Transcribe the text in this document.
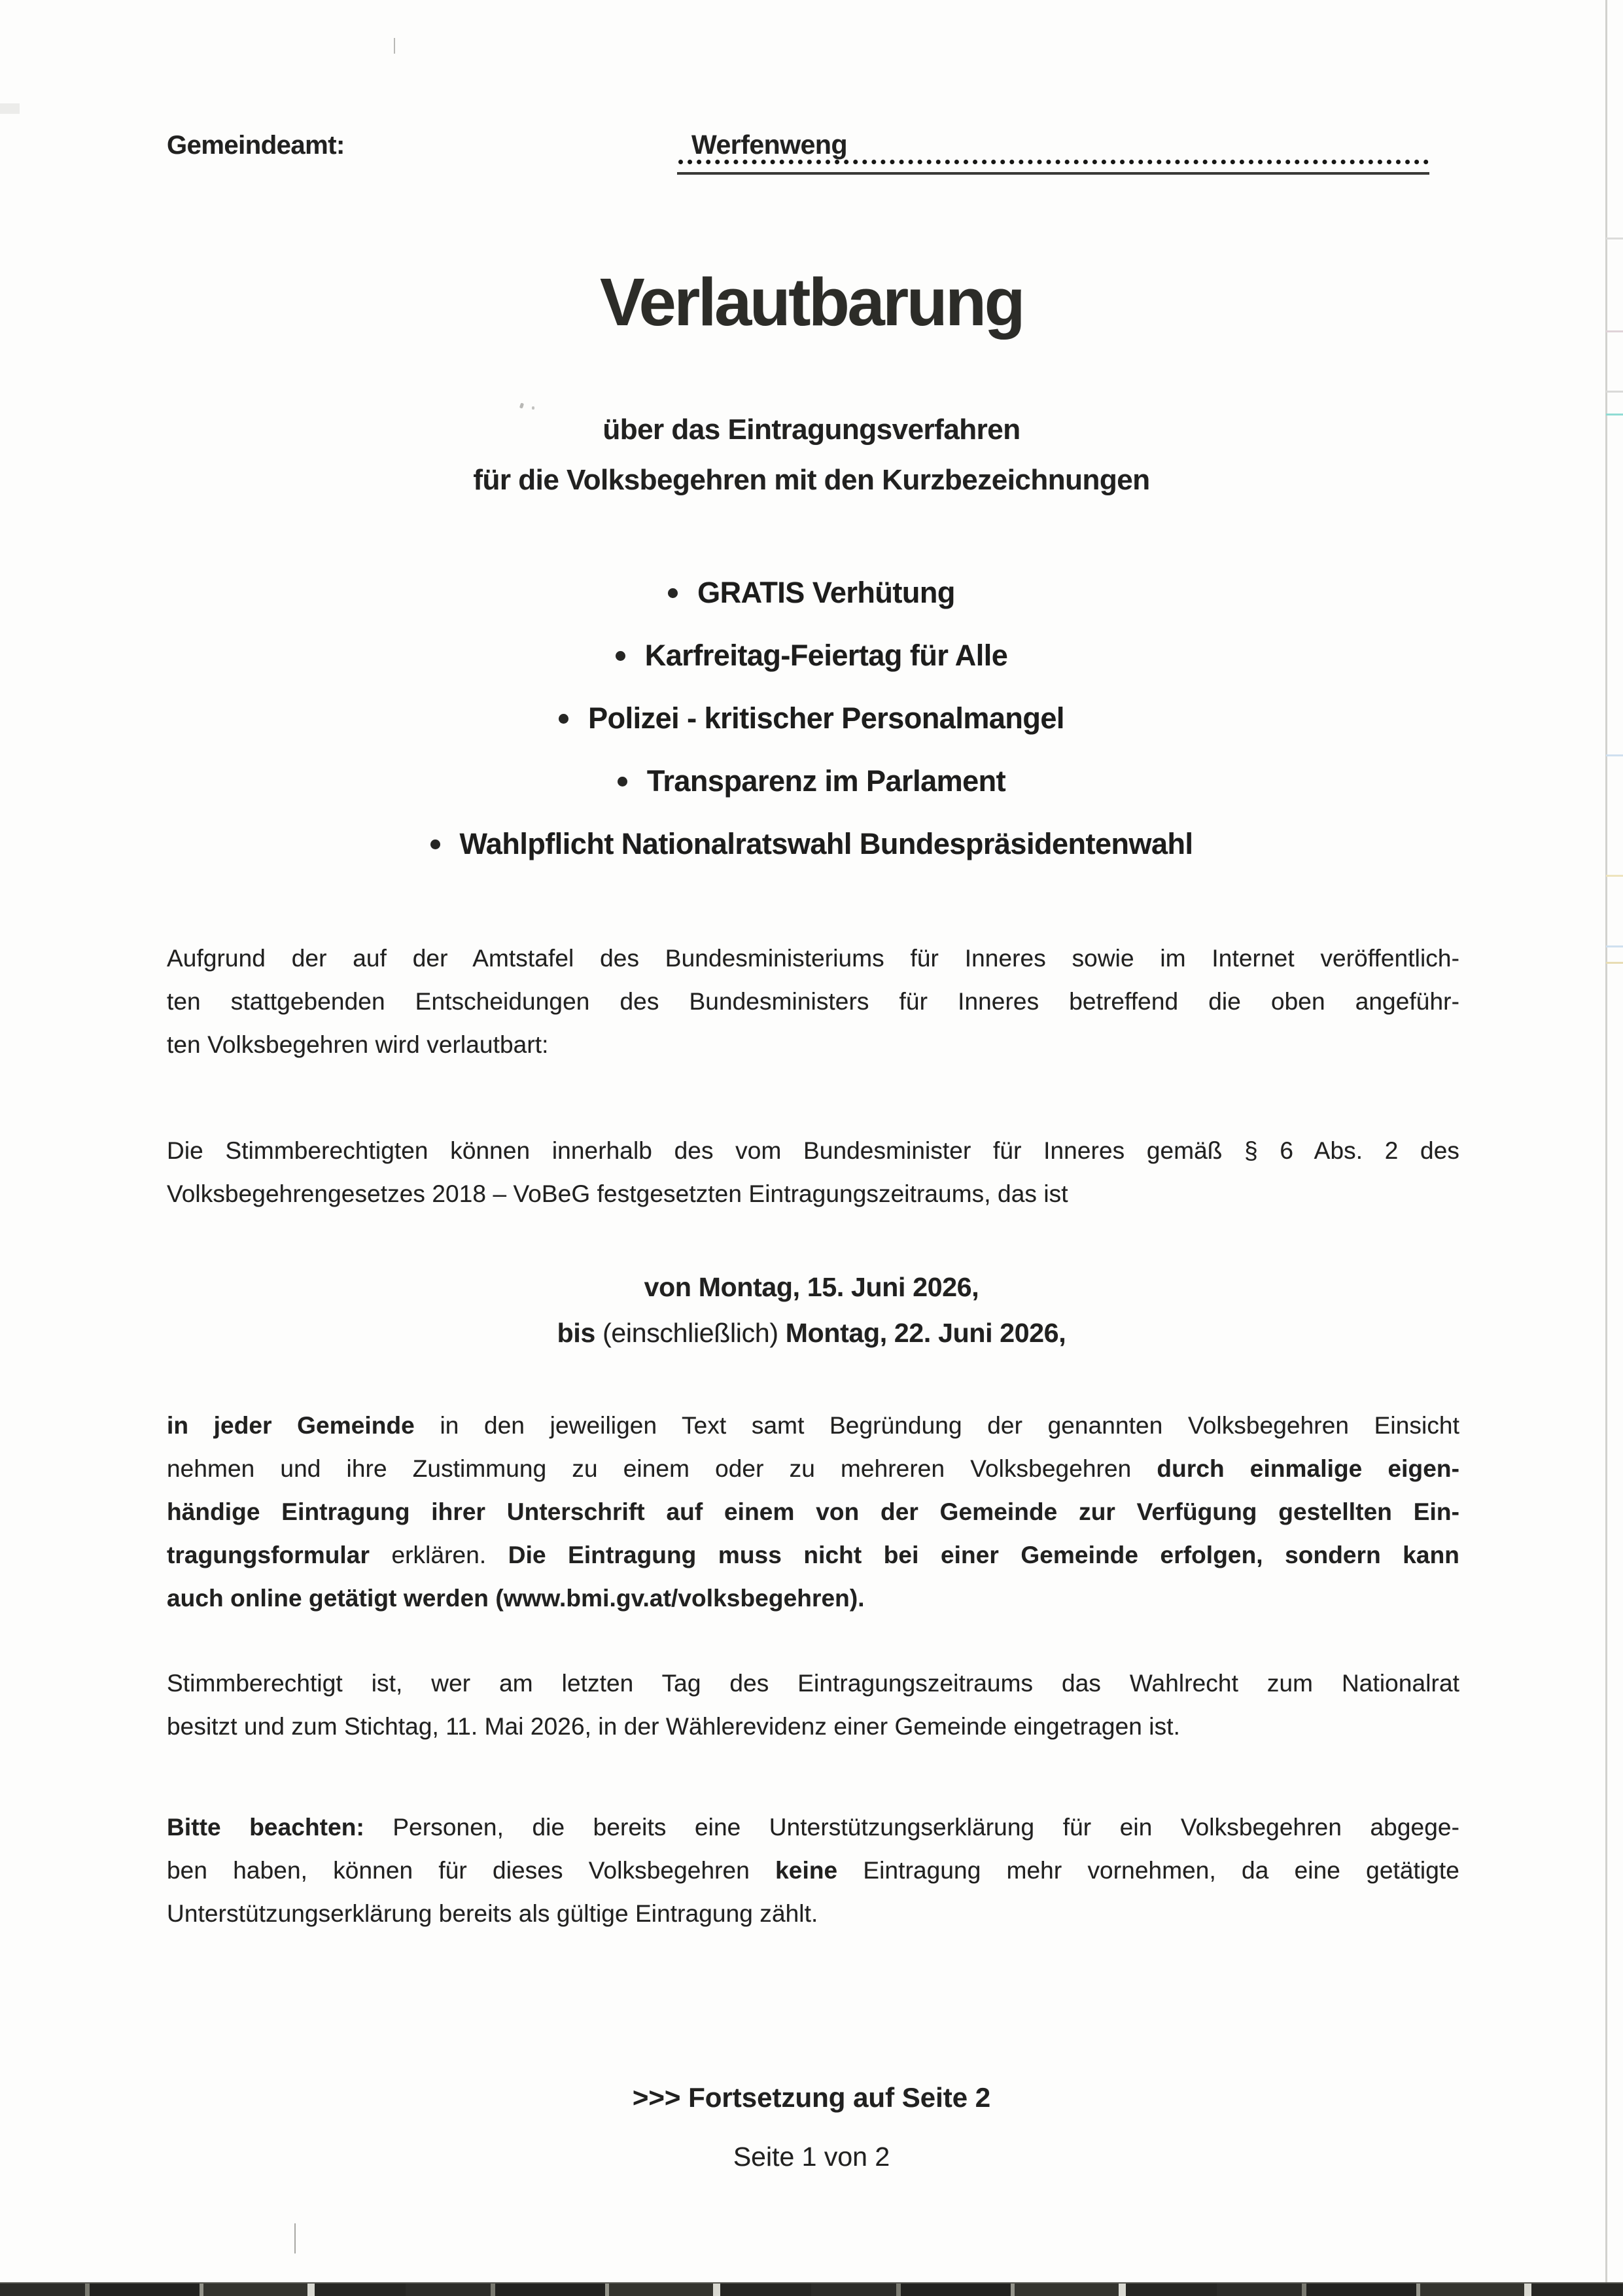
Gemeindeamt:	Werfenweng
Verlautbarung
über das Eintragungsverfahren
für die Volksbegehren mit den Kurzbezeichnungen
GRATIS Verhütung
Karfreitag-Feiertag für Alle
Polizei - kritischer Personalmangel
Transparenz im Parlament
Wahlpflicht Nationalratswahl Bundespräsidentenwahl
Aufgrund der auf der Amtstafel des Bundesministeriums für Inneres sowie im Internet veröffentlich-
ten stattgebenden Entscheidungen des Bundesministers für Inneres betreffend die oben angeführ-
ten Volksbegehren wird verlautbart:
Die Stimmberechtigten können innerhalb des vom Bundesminister für Inneres gemäß § 6 Abs. 2 des
Volksbegehrengesetzes 2018 – VoBeG festgesetzten Eintragungszeitraums, das ist
von Montag, 15. Juni 2026,
bis (einschließlich) Montag, 22. Juni 2026,
in jeder Gemeinde in den jeweiligen Text samt Begründung der genannten Volksbegehren Einsicht
nehmen und ihre Zustimmung zu einem oder zu mehreren Volksbegehren durch einmalige eigen-
händige Eintragung ihrer Unterschrift auf einem von der Gemeinde zur Verfügung gestellten Ein-
tragungsformular erklären. Die Eintragung muss nicht bei einer Gemeinde erfolgen, sondern kann
auch online getätigt werden (www.bmi.gv.at/volksbegehren).
Stimmberechtigt ist, wer am letzten Tag des Eintragungszeitraums das Wahlrecht zum Nationalrat
besitzt und zum Stichtag, 11. Mai 2026, in der Wählerevidenz einer Gemeinde eingetragen ist.
Bitte beachten: Personen, die bereits eine Unterstützungserklärung für ein Volksbegehren abgege-
ben haben, können für dieses Volksbegehren keine Eintragung mehr vornehmen, da eine getätigte
Unterstützungserklärung bereits als gültige Eintragung zählt.
>>> Fortsetzung auf Seite 2
Seite 1 von 2
